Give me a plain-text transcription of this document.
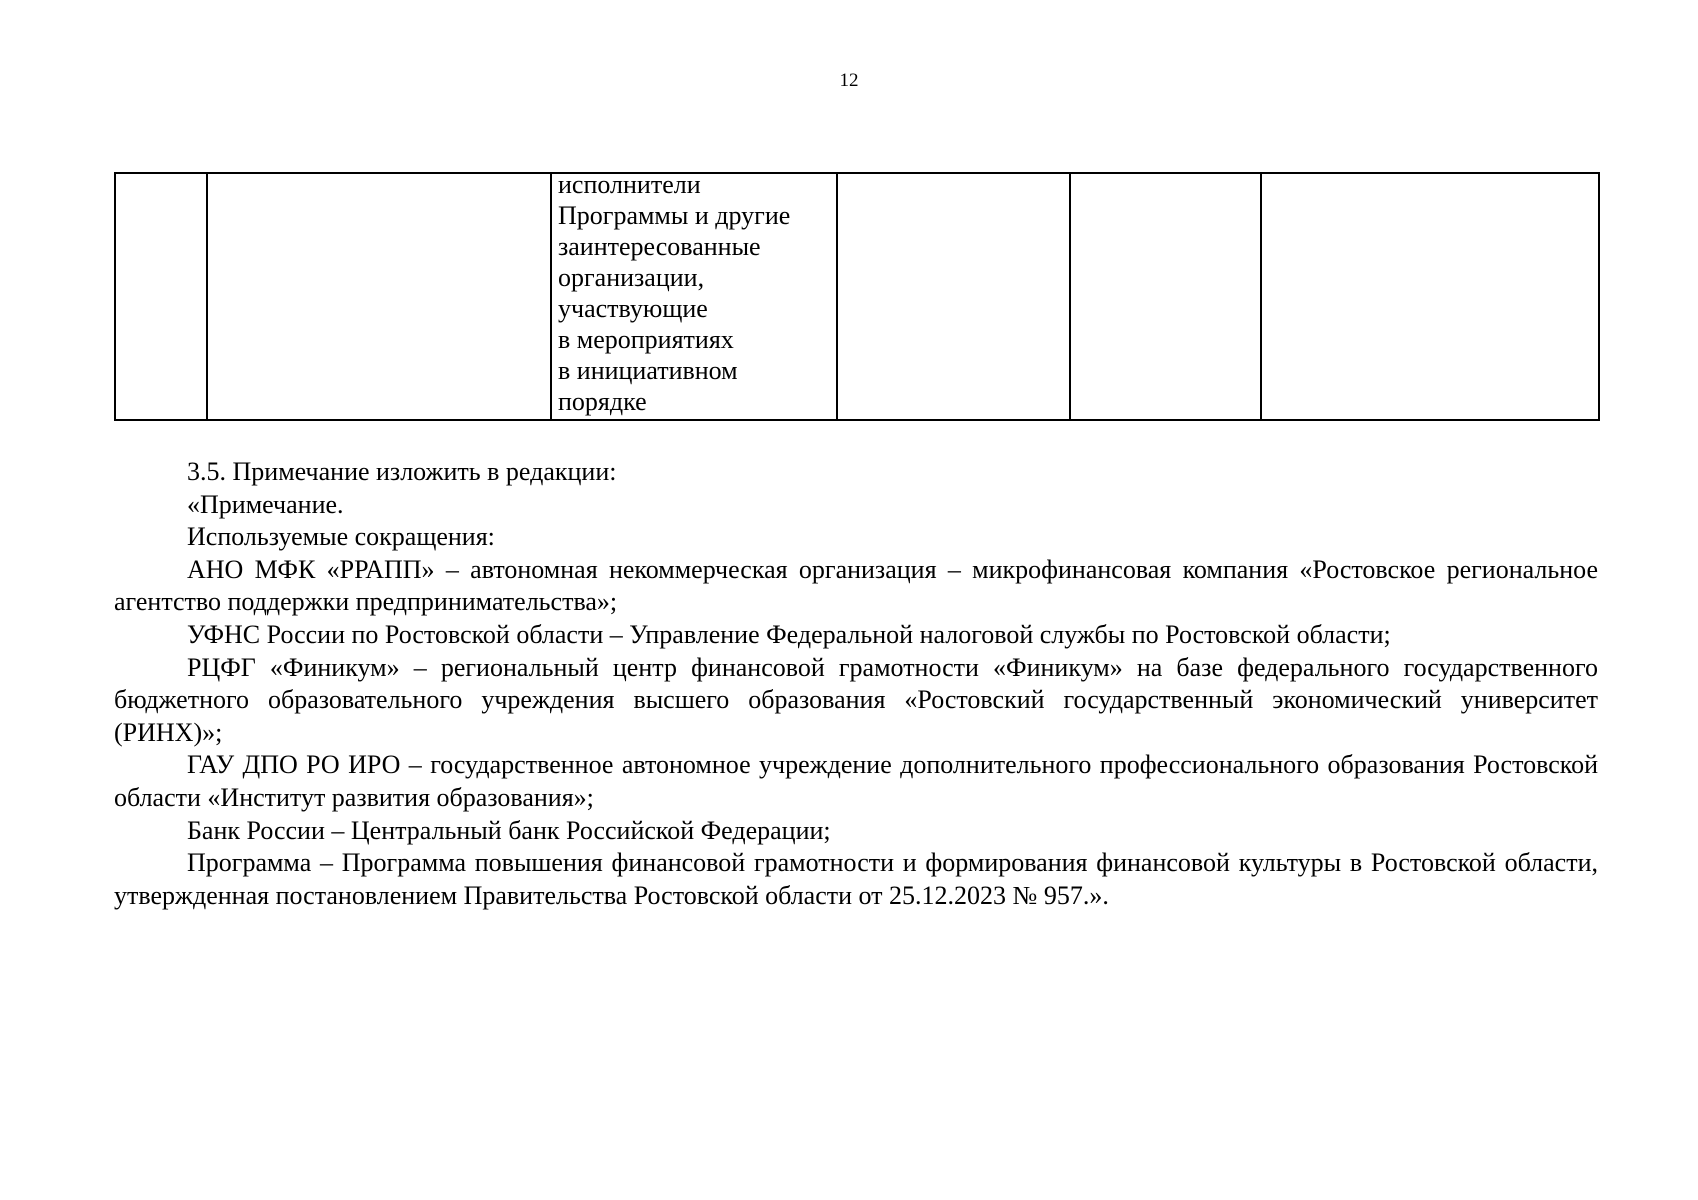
12

исполнители
Программы и другие
заинтересованные
организации,
участвующие
в мероприятиях
в инициативном
порядке

3.5. Примечание изложить в редакции:

«Примечание.

Используемые сокращения:

АНО МФК «РРАПП» – автономная некоммерческая организация – микрофинансовая компания «Ростовское региональное агентство поддержки предпринимательства»;

УФНС России по Ростовской области – Управление Федеральной налоговой службы по Ростовской области;

РЦФГ «Финикум» – региональный центр финансовой грамотности «Финикум» на базе федерального государственного бюджетного образовательного учреждения высшего образования «Ростовский государственный экономический университет (РИНХ)»;

ГАУ ДПО РО ИРО – государственное автономное учреждение дополнительного профессионального образования Ростовской области «Институт развития образования»;

Банк России – Центральный банк Российской Федерации;

Программа – Программа повышения финансовой грамотности и формирования финансовой культуры в Ростовской области, утвержденная постановлением Правительства Ростовской области от 25.12.2023 № 957.».
